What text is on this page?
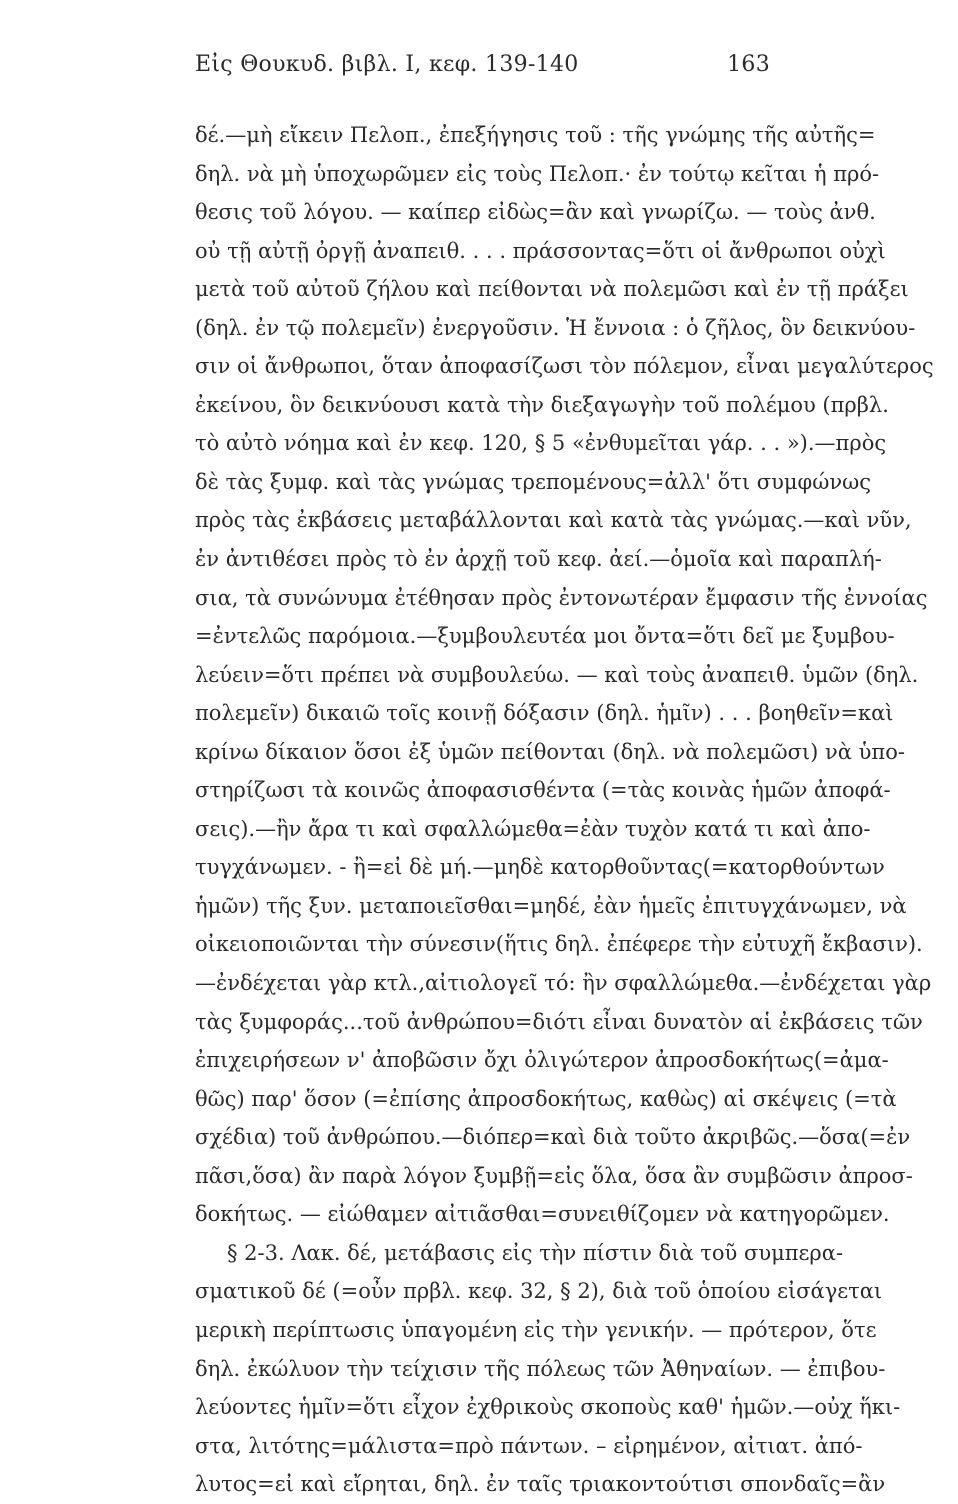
Εἰς Θουκυδ. βιβλ. Ι, κεφ. 139-140	163
δέ.—μὴ εἴκειν Πελοπ., ἐπεξήγησις τοῦ : τῆς γνώμης τῆς αὐτῆς=
δηλ. νὰ μὴ ὑποχωρῶμεν εἰς τοὺς Πελοπ.· ἐν τούτῳ κεῖται ἡ πρό-
θεσις τοῦ λόγου. — καίπερ εἰδὼς=ἂν καὶ γνωρίζω. — τοὺς ἀνθ.
οὐ τῇ αὐτῇ ὀργῇ ἀναπειθ. . . . πράσσοντας=ὅτι οἱ ἄνθρωποι οὐχὶ
μετὰ τοῦ αὐτοῦ ζήλου καὶ πείθονται νὰ πολεμῶσι καὶ ἐν τῇ πράξει
(δηλ. ἐν τῷ πολεμεῖν) ἐνεργοῦσιν. Ἡ ἔννοια : ὁ ζῆλος, ὃν δεικνύου-
σιν οἱ ἄνθρωποι, ὅταν ἀποφασίζωσι τὸν πόλεμον, εἶναι μεγαλύτερος
ἐκείνου, ὃν δεικνύουσι κατὰ τὴν διεξαγωγὴν τοῦ πολέμου (πρβλ.
τὸ αὐτὸ νόημα καὶ ἐν κεφ. 120, § 5 «ἐνθυμεῖται γάρ. . . »).—πρὸς
δὲ τὰς ξυμφ. καὶ τὰς γνώμας τρεπομένους=ἀλλ' ὅτι συμφώνως
πρὸς τὰς ἐκβάσεις μεταβάλλονται καὶ κατὰ τὰς γνώμας.—καὶ νῦν,
ἐν ἀντιθέσει πρὸς τὸ ἐν ἀρχῇ τοῦ κεφ. ἀεί.—ὁμοῖα καὶ παραπλή-
σια, τὰ συνώνυμα ἐτέθησαν πρὸς ἐντονωτέραν ἔμφασιν τῆς ἐννοίας
=ἐντελῶς παρόμοια.—ξυμβουλευτέα μοι ὄντα=ὅτι δεῖ με ξυμβου-
λεύειν=ὅτι πρέπει νὰ συμβουλεύω. — καὶ τοὺς ἀναπειθ. ὑμῶν (δηλ.
πολεμεῖν) δικαιῶ τοῖς κοινῇ δόξασιν (δηλ. ἡμῖν) . . . βοηθεῖν=καὶ
κρίνω δίκαιον ὅσοι ἐξ ὑμῶν πείθονται (δηλ. νὰ πολεμῶσι) νὰ ὑπο-
στηρίζωσι τὰ κοινῶς ἀποφασισθέντα (=τὰς κοινὰς ἡμῶν ἀποφά-
σεις).—ἢν ἄρα τι καὶ σφαλλώμεθα=ἐὰν τυχὸν κατά τι καὶ ἀπο-
τυγχάνωμεν. - ἢ=εἰ δὲ μή.—μηδὲ κατορθοῦντας(=κατορθούντων
ἡμῶν) τῆς ξυν. μεταποιεῖσθαι=μηδέ, ἐὰν ἡμεῖς ἐπιτυγχάνωμεν, νὰ
οἰκειοποιῶνται τὴν σύνεσιν(ἥτις δηλ. ἐπέφερε τὴν εὐτυχῆ ἔκβασιν).
—ἐνδέχεται γὰρ κτλ.,αἰτιολογεῖ τό: ἢν σφαλλώμεθα.—ἐνδέχεται γὰρ
τὰς ξυμφοράς...τοῦ ἀνθρώπου=διότι εἶναι δυνατὸν αἱ ἐκβάσεις τῶν
ἐπιχειρήσεων ν' ἀποβῶσιν ὄχι ὀλιγώτερον ἀπροσδοκήτως(=ἀμα-
θῶς) παρ' ὅσον (=ἐπίσης ἀπροσδοκήτως, καθὼς) αἱ σκέψεις (=τὰ
σχέδια) τοῦ ἀνθρώπου.—διόπερ=καὶ διὰ τοῦτο ἀκριβῶς.—ὅσα(=ἐν
πᾶσι,ὅσα) ἂν παρὰ λόγον ξυμβῇ=εἰς ὅλα, ὅσα ἂν συμβῶσιν ἀπροσ-
δοκήτως. — εἰώθαμεν αἰτιᾶσθαι=συνειθίζομεν νὰ κατηγορῶμεν.
§ 2-3. Λακ. δέ, μετάβασις εἰς τὴν πίστιν διὰ τοῦ συμπερα-
σματικοῦ δέ (=οὖν πρβλ. κεφ. 32, § 2), διὰ τοῦ ὁποίου εἰσάγεται
μερικὴ περίπτωσις ὑπαγομένη εἰς τὴν γενικήν. — πρότερον, ὅτε
δηλ. ἐκώλυον τὴν τείχισιν τῆς πόλεως τῶν Ἀθηναίων. — ἐπιβου-
λεύοντες ἡμῖν=ὅτι εἶχον ἐχθρικοὺς σκοποὺς καθ' ἡμῶν.—οὐχ ἥκι-
στα, λιτότης=μάλιστα=πρὸ πάντων. – εἰρημένον, αἰτιατ. ἀπό-
λυτος=εἰ καὶ εἴρηται, δηλ. ἐν ταῖς τριακοντούτισι σπονδαῖς=ἂν
